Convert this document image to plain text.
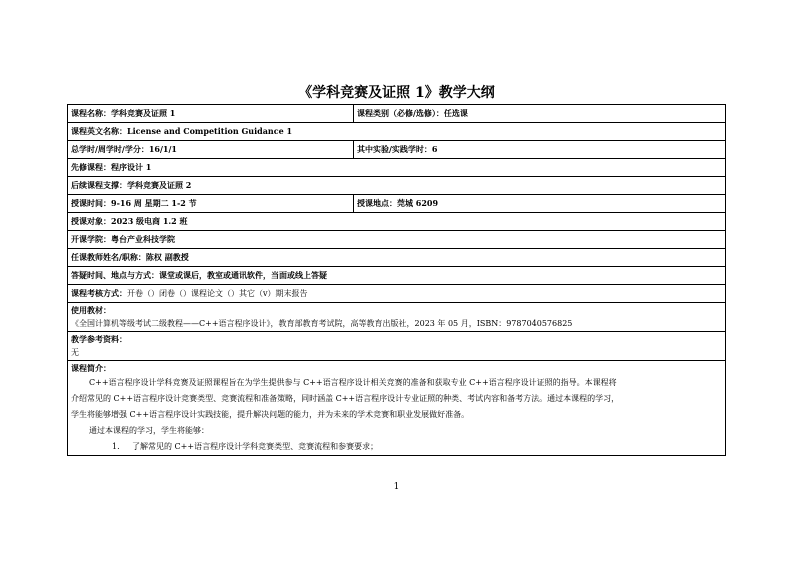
《学科竞赛及证照 1》教学大纲
课程名称：学科竞赛及证照 1	课程类别（必修/选修）：任选课
课程英文名称：License and Competition Guidance 1
总学时/周学时/学分：16/1/1	其中实验/实践学时：6
先修课程：程序设计 1
后续课程支撑：学科竞赛及证照 2
授课时间：9-16 周 星期二 1-2 节	授课地点：莞城 6209
授课对象：2023 级电商 1.2 班
开课学院：粤台产业科技学院
任课教师姓名/职称：陈权 副教授
答疑时间、地点与方式：课堂或课后，教室或通讯软件，当面或线上答疑
课程考核方式：开卷（）闭卷（）课程论文（）其它（v）期末报告
使用教材：
《全国计算机等级考试二级教程——C++语言程序设计》，教育部教育考试院，高等教育出版社，2023 年 05 月，ISBN：9787040576825
教学参考资料：
无
课程简介：
C++语言程序设计学科竞赛及证照课程旨在为学生提供参与 C++语言程序设计相关竞赛的准备和获取专业 C++语言程序设计证照的指导。本课程将
介绍常见的 C++语言程序设计竞赛类型、竞赛流程和准备策略，同时涵盖 C++语言程序设计专业证照的种类、考试内容和备考方法。通过本课程的学习，
学生将能够增强 C++语言程序设计实践技能，提升解决问题的能力，并为未来的学术竞赛和职业发展做好准备。
通过本课程的学习，学生将能够：
1. 了解常见的 C++语言程序设计学科竞赛类型、竞赛流程和参赛要求；
1
